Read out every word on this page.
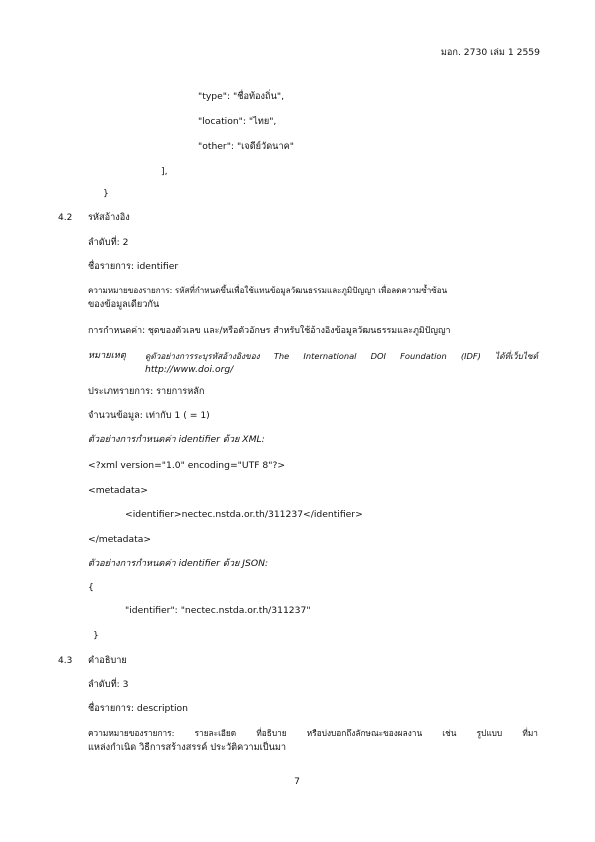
มอก. 2730 เล่ม 1 2559
"type": "ชื่อท้องถิ่น",
"location": "ไทย",
"other": "เจดีย์วัดนาค"
],
}
4.2 รหัสอ้างอิง
ลำดับที่: 2
ชื่อรายการ: identifier
ความหมายของรายการ: รหัสที่กำหนดขึ้นเพื่อใช้แทนข้อมูลวัฒนธรรมและภูมิปัญญา เพื่อลดความซ้ำซ้อน
ของข้อมูลเดียวกัน
การกำหนดค่า: ชุดของตัวเลข และ/หรือตัวอักษร สำหรับใช้อ้างอิงข้อมูลวัฒนธรรมและภูมิปัญญา
หมายเหตุ ดูตัวอย่างการระบุรหัสอ้างอิงของ The International DOI Foundation (IDF) ได้ที่เว็บไซต์
http://www.doi.org/
ประเภทรายการ: รายการหลัก
จำนวนข้อมูล: เท่ากับ 1 ( = 1)
ตัวอย่างการกำหนดค่า identifier ด้วย XML:
<?xml version="1.0" encoding="UTF 8"?>
<metadata>
<identifier>nectec.nstda.or.th/311237</identifier>
</metadata>
ตัวอย่างการกำหนดค่า identifier ด้วย JSON:
{
"identifier": "nectec.nstda.or.th/311237"
}
4.3 คำอธิบาย
ลำดับที่: 3
ชื่อรายการ: description
ความหมายของรายการ: รายละเอียด ที่อธิบาย หรือบ่งบอกถึงลักษณะของผลงาน เช่น รูปแบบ ที่มา
แหล่งกำเนิด วิธีการสร้างสรรค์ ประวัติความเป็นมา
7
